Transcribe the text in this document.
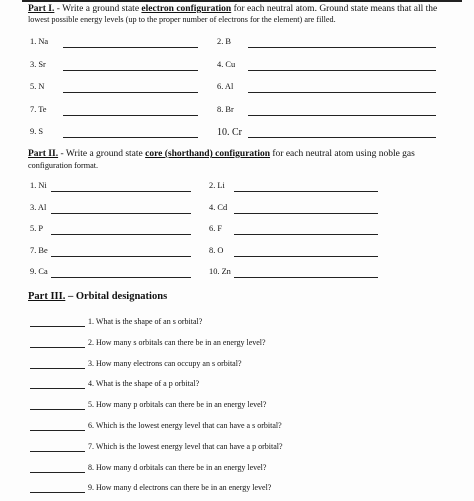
Part I. - Write a ground state electron configuration for each neutral atom. Ground state means that all the
lowest possible energy levels (up to the proper number of electrons for the element) are filled.
1. Na	2. B
3. Sr	4. Cu
5. N	6. Al
7. Te	8. Br
9. S	10. Cr
Part II. - Write a ground state core (shorthand) configuration for each neutral atom using noble gas
configuration format.
1. Ni	2. Li
3. Al	4. Cd
5. P	6. F
7. Be	8. O
9. Ca	10. Zn
Part III. – Orbital designations
1. What is the shape of an s orbital?
2. How many s orbitals can there be in an energy level?
3. How many electrons can occupy an s orbital?
4. What is the shape of a p orbital?
5. How many p orbitals can there be in an energy level?
6. Which is the lowest energy level that can have a s orbital?
7. Which is the lowest energy level that can have a p orbital?
8. How many d orbitals can there be in an energy level?
9. How many d electrons can there be in an energy level?
